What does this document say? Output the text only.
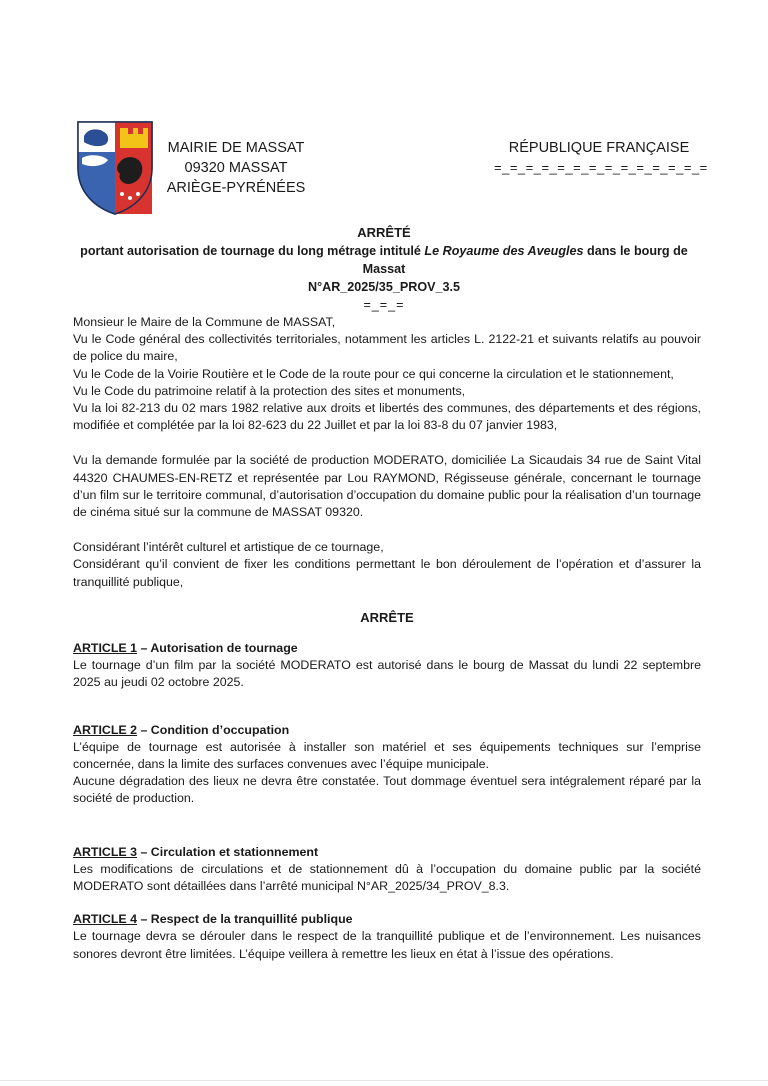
MAIRIE DE MASSAT
09320 MASSAT
ARIÈGE-PYRÉNÉES
RÉPUBLIQUE FRANÇAISE
=_=_=_=_=_=_=_=_=_=_=_=_=_=
ARRÊTÉ
portant autorisation de tournage du long métrage intitulé Le Royaume des Aveugles dans le bourg de Massat
N°AR_2025/35_PROV_3.5
=_=_=

Monsieur le Maire de la Commune de MASSAT,

Vu le Code général des collectivités territoriales, notamment les articles L. 2122-21 et suivants relatifs au pouvoir de police du maire,

Vu le Code de la Voirie Routière et le Code de la route pour ce qui concerne la circulation et le stationnement,

Vu le Code du patrimoine relatif à la protection des sites et monuments,

Vu la loi 82-213 du 02 mars 1982 relative aux droits et libertés des communes, des départements et des régions, modifiée et complétée par la loi 82-623 du 22 Juillet et par la loi 83-8 du 07 janvier 1983,

Vu la demande formulée par la société de production MODERATO, domiciliée La Sicaudais 34 rue de Saint Vital 44320 CHAUMES-EN-RETZ et représentée par Lou RAYMOND, Régisseuse générale, concernant le tournage d’un film sur le territoire communal, d’autorisation d’occupation du domaine public pour la réalisation d’un tournage de cinéma situé sur la commune de MASSAT 09320.

Considérant l’intérêt culturel et artistique de ce tournage,

Considérant qu’il convient de fixer les conditions permettant le bon déroulement de l’opération et d’assurer la tranquillité publique,

ARRÊTE

ARTICLE 1 – Autorisation de tournage

Le tournage d’un film par la société MODERATO est autorisé dans le bourg de Massat du lundi 22 septembre 2025 au jeudi 02 octobre 2025.

ARTICLE 2 – Condition d’occupation

L’équipe de tournage est autorisée à installer son matériel et ses équipements techniques sur l’emprise concernée, dans la limite des surfaces convenues avec l’équipe municipale.

Aucune dégradation des lieux ne devra être constatée. Tout dommage éventuel sera intégralement réparé par la société de production.

ARTICLE 3 – Circulation et stationnement

Les modifications de circulations et de stationnement dû à l’occupation du domaine public par la société MODERATO sont détaillées dans l’arrêté municipal N°AR_2025/34_PROV_8.3.

ARTICLE 4 – Respect de la tranquillité publique

Le tournage devra se dérouler dans le respect de la tranquillité publique et de l’environnement. Les nuisances sonores devront être limitées. L’équipe veillera à remettre les lieux en état à l’issue des opérations.
